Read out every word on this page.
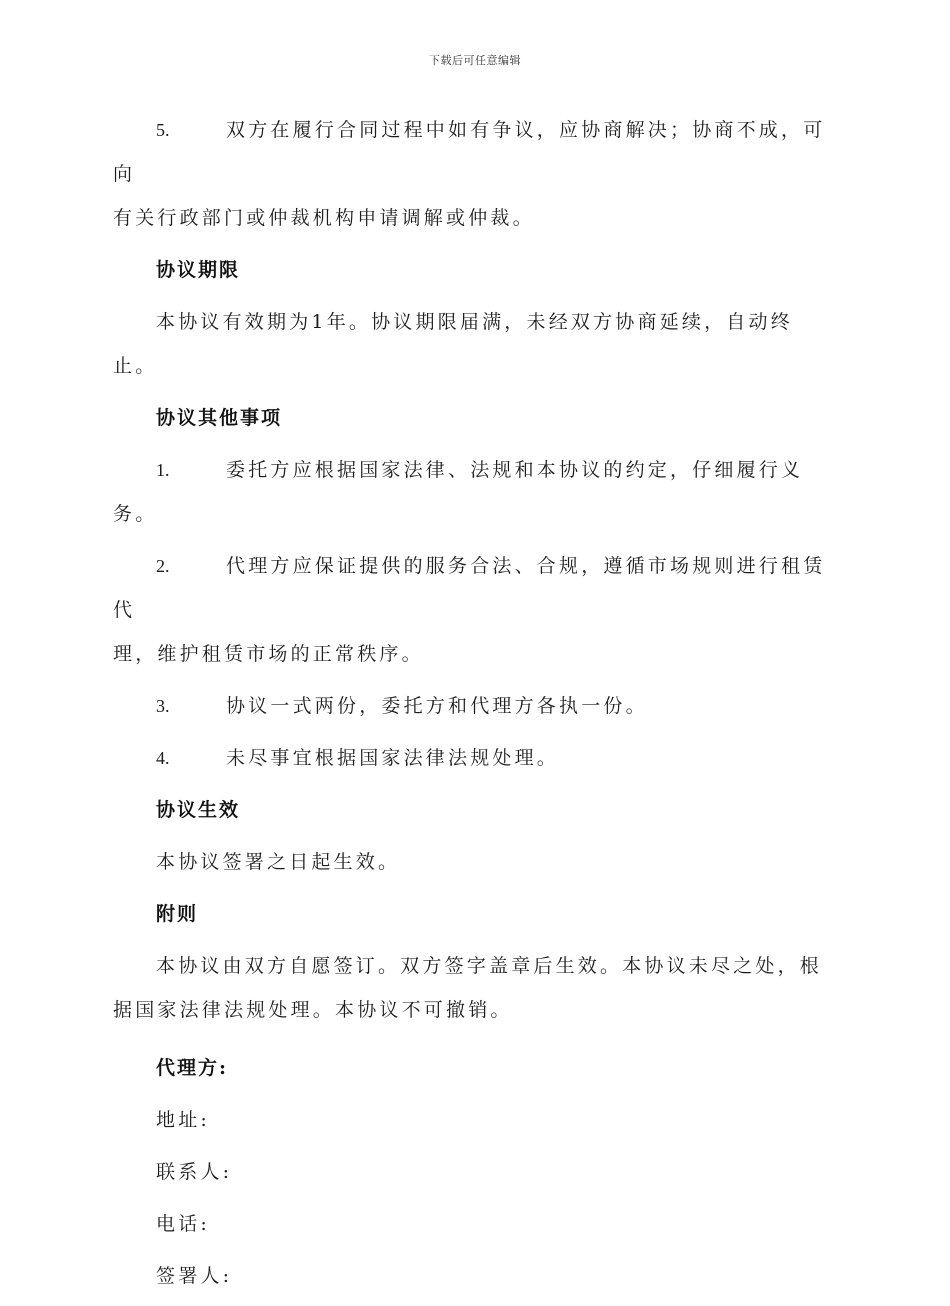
下载后可任意编辑
5.	双方在履行合同过程中如有争议，应协商解决；协商不成，可向
有关行政部门或仲裁机构申请调解或仲裁。
协议期限
本协议有效期为1年。协议期限届满，未经双方协商延续，自动终止。
协议其他事项
1.	委托方应根据国家法律、法规和本协议的约定，仔细履行义务。
2.	代理方应保证提供的服务合法、合规，遵循市场规则进行租赁代
理，维护租赁市场的正常秩序。
3.	协议一式两份，委托方和代理方各执一份。
4.	未尽事宜根据国家法律法规处理。
协议生效
本协议签署之日起生效。
附则
本协议由双方自愿签订。双方签字盖章后生效。本协议未尽之处，根据国家法律法规处理。本协议不可撤销。
代理方:
地址:
联系人:
电话:
签署人:
